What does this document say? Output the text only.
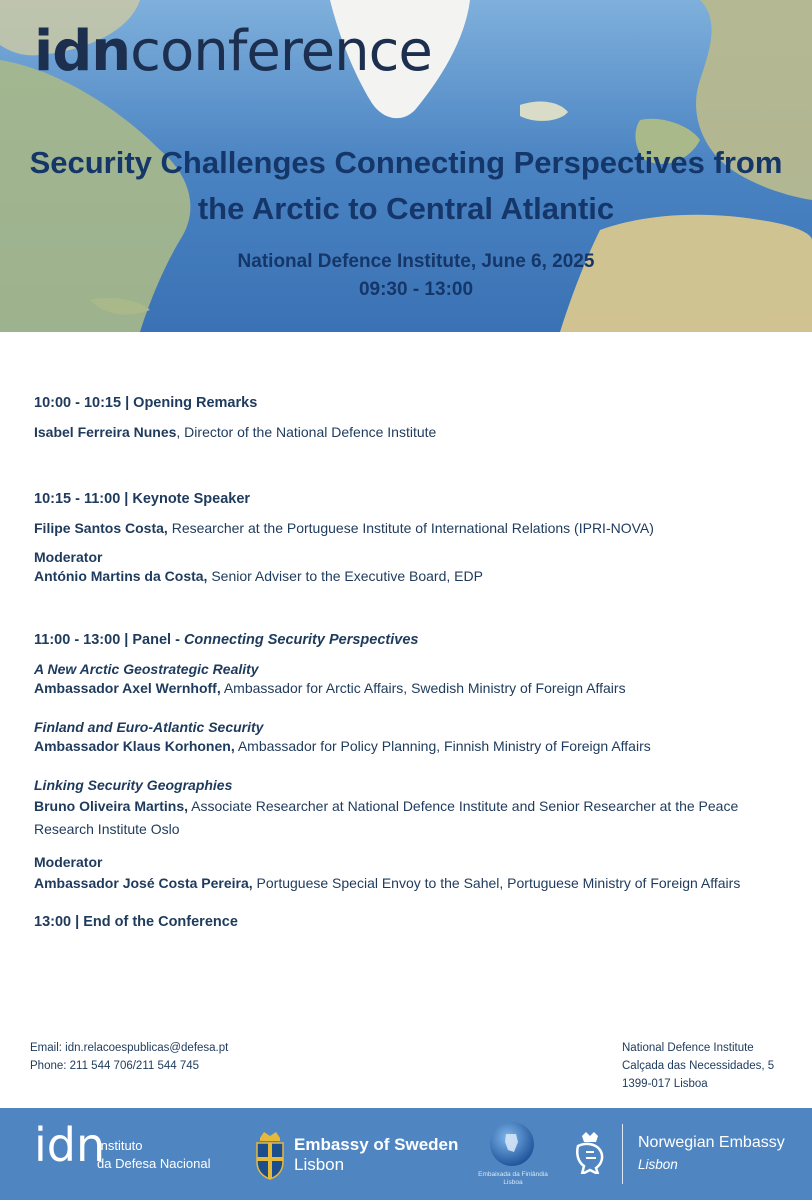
idnconference
Security Challenges Connecting Perspectives from
the Arctic to Central Atlantic
National Defence Institute, June 6, 2025
09:30 - 13:00
10:00 - 10:15 | Opening Remarks
Isabel Ferreira Nunes, Director of the National Defence Institute
10:15 - 11:00 | Keynote Speaker
Filipe Santos Costa, Researcher at the Portuguese Institute of International Relations (IPRI-NOVA)
Moderator
António Martins da Costa, Senior Adviser to the Executive Board, EDP
11:00 - 13:00 | Panel - Connecting Security Perspectives
A New Arctic Geostrategic Reality
Ambassador Axel Wernhoff, Ambassador for Arctic Affairs, Swedish Ministry of Foreign Affairs
Finland and Euro-Atlantic Security
Ambassador Klaus Korhonen, Ambassador for Policy Planning, Finnish Ministry of Foreign Affairs
Linking Security Geographies
Bruno Oliveira Martins, Associate Researcher at National Defence Institute and Senior Researcher at the Peace Research Institute Oslo
Moderator
Ambassador José Costa Pereira, Portuguese Special Envoy to the Sahel, Portuguese Ministry of Foreign Affairs
13:00 | End of the Conference
Email: idn.relacoespublicas@defesa.pt
Phone: 211 544 706/211 544 745
National Defence Institute
Calçada das Necessidades, 5
1399-017 Lisboa
idn
Instituto
da Defesa Nacional
Embassy of Sweden
Lisbon
Embaixada da Finlândia
Lisboa
Norwegian Embassy
Lisbon
